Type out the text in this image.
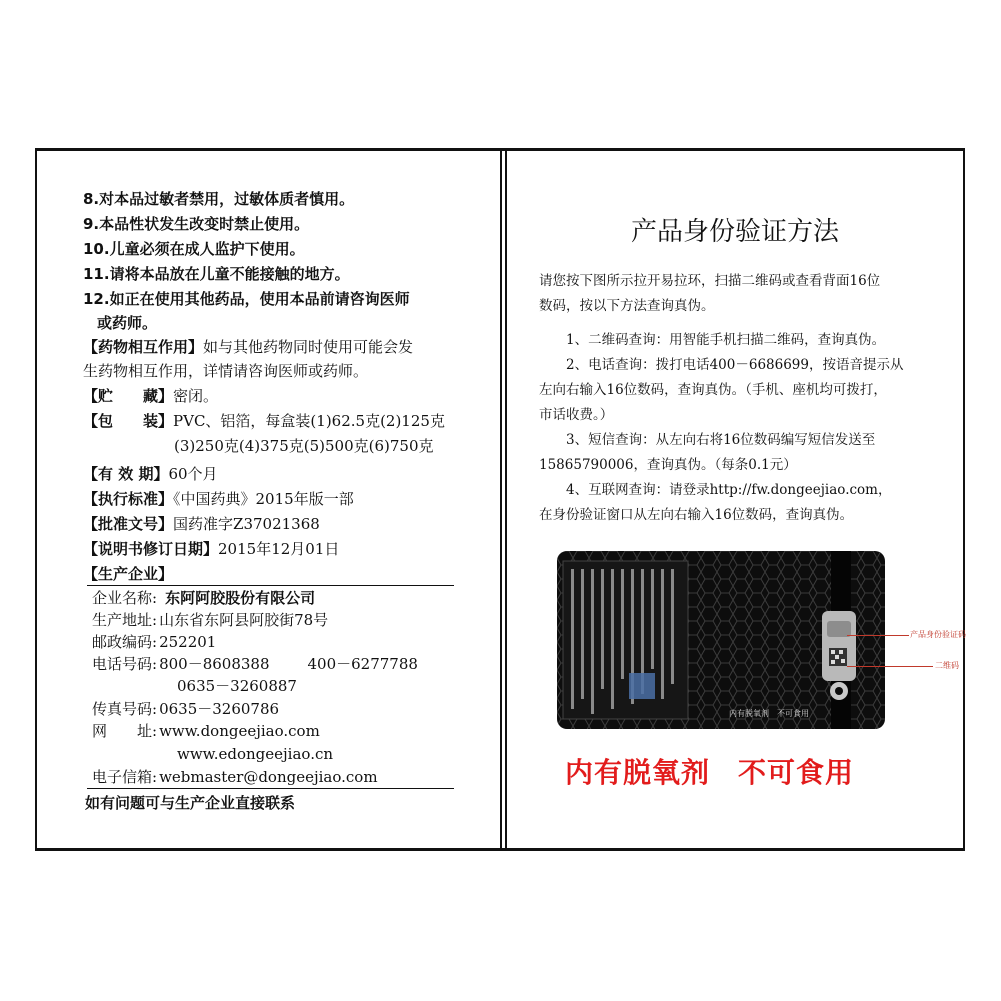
8.对本品过敏者禁用，过敏体质者慎用。
9.本品性状发生改变时禁止使用。
10.儿童必须在成人监护下使用。
11.请将本品放在儿童不能接触的地方。
12.如正在使用其他药品，使用本品前请咨询医师
或药师。
【药物相互作用】如与其他药物同时使用可能会发
生药物相互作用，详情请咨询医师或药师。
【贮　　藏】密闭。
【包　　装】PVC、铝箔，每盒装(1)62.5克(2)125克
(3)250克(4)375克(5)500克(6)750克
【有 效 期】60个月
【执行标准】《中国药典》2015年版一部
【批准文号】国药准字Z37021368
【说明书修订日期】2015年12月01日
【生产企业】
企业名称: 东阿阿胶股份有限公司
生产地址: 山东省东阿县阿胶街78号
邮政编码: 252201
电话号码: 800－8608388	400－6277788
0635－3260887
传真号码: 0635－3260786
网　　址: www.dongeejiao.com
www.edongeejiao.cn
电子信箱: webmaster@dongeejiao.com
如有问题可与生产企业直接联系
产品身份验证方法

请您按下图所示拉开易拉环，扫描二维码或查看背面16位

数码，按以下方法查询真伪。

1、二维码查询：用智能手机扫描二维码，查询真伪。

2、电话查询：拨打电话400－6686699，按语音提示从

左向右输入16位数码，查询真伪。（手机、座机均可拨打，

市话收费。）

3、短信查询：从左向右将16位数码编写短信发送至

15865790006，查询真伪。（每条0.1元）

4、互联网查询：请登录http://fw.dongeejiao.com，

在身份验证窗口从左向右输入16位数码，查询真伪。

内有脱氧剂　不可食用
产品身份验证码
二维码
内有脱氧剂 不可食用
